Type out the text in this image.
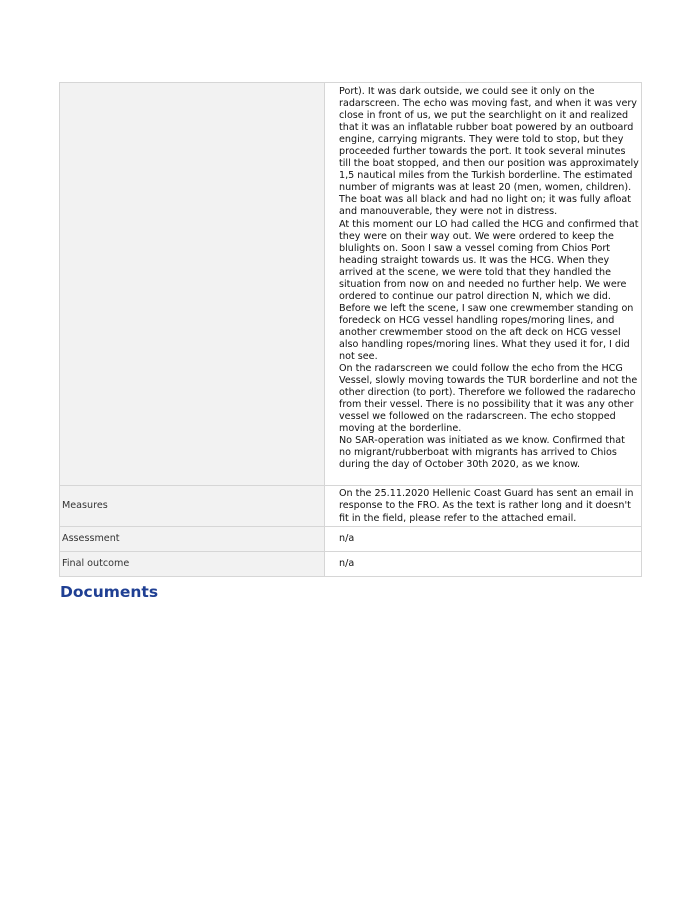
	Port). It was dark outside, we could see it only on the radarscreen. The echo was moving fast, and when it was very close in front of us, we put the searchlight on it and realized that it was an inflatable rubber boat powered by an outboard engine, carrying migrants. They were told to stop, but they proceeded further towards the port. It took several minutes till the boat stopped, and then our position was approximately 1,5 nautical miles from the Turkish borderline. The estimated number of migrants was at least 20 (men, women, children). The boat was all black and had no light on; it was fully afloat and manouverable, they were not in distress.

At this moment our LO had called the HCG and confirmed that they were on their way out. We were ordered to keep the blulights on. Soon I saw a vessel coming from Chios Port heading straight towards us. It was the HCG. When they arrived at the scene, we were told that they handled the situation from now on and needed no further help. We were ordered to continue our patrol direction N, which we did. Before we left the scene, I saw one crewmember standing on foredeck on HCG vessel handling ropes/moring lines, and another crewmember stood on the aft deck on HCG vessel also handling ropes/moring lines. What they used it for, I did not see.

On the radarscreen we could follow the echo from the HCG Vessel, slowly moving towards the TUR borderline and not the other direction (to port). Therefore we followed the radarecho from their vessel. There is no possibility that it was any other vessel we followed on the radarscreen. The echo stopped moving at the borderline.

No SAR-operation was initiated as we know. Confirmed that no migrant/rubberboat with migrants has arrived to Chios during the day of October 30th 2020, as we know.

Measures	On the 25.11.2020 Hellenic Coast Guard has sent an email in response to the FRO. As the text is rather long and it doesn't fit in the field, please refer to the attached email.

Assessment	n/a
Final outcome	n/a
Documents
